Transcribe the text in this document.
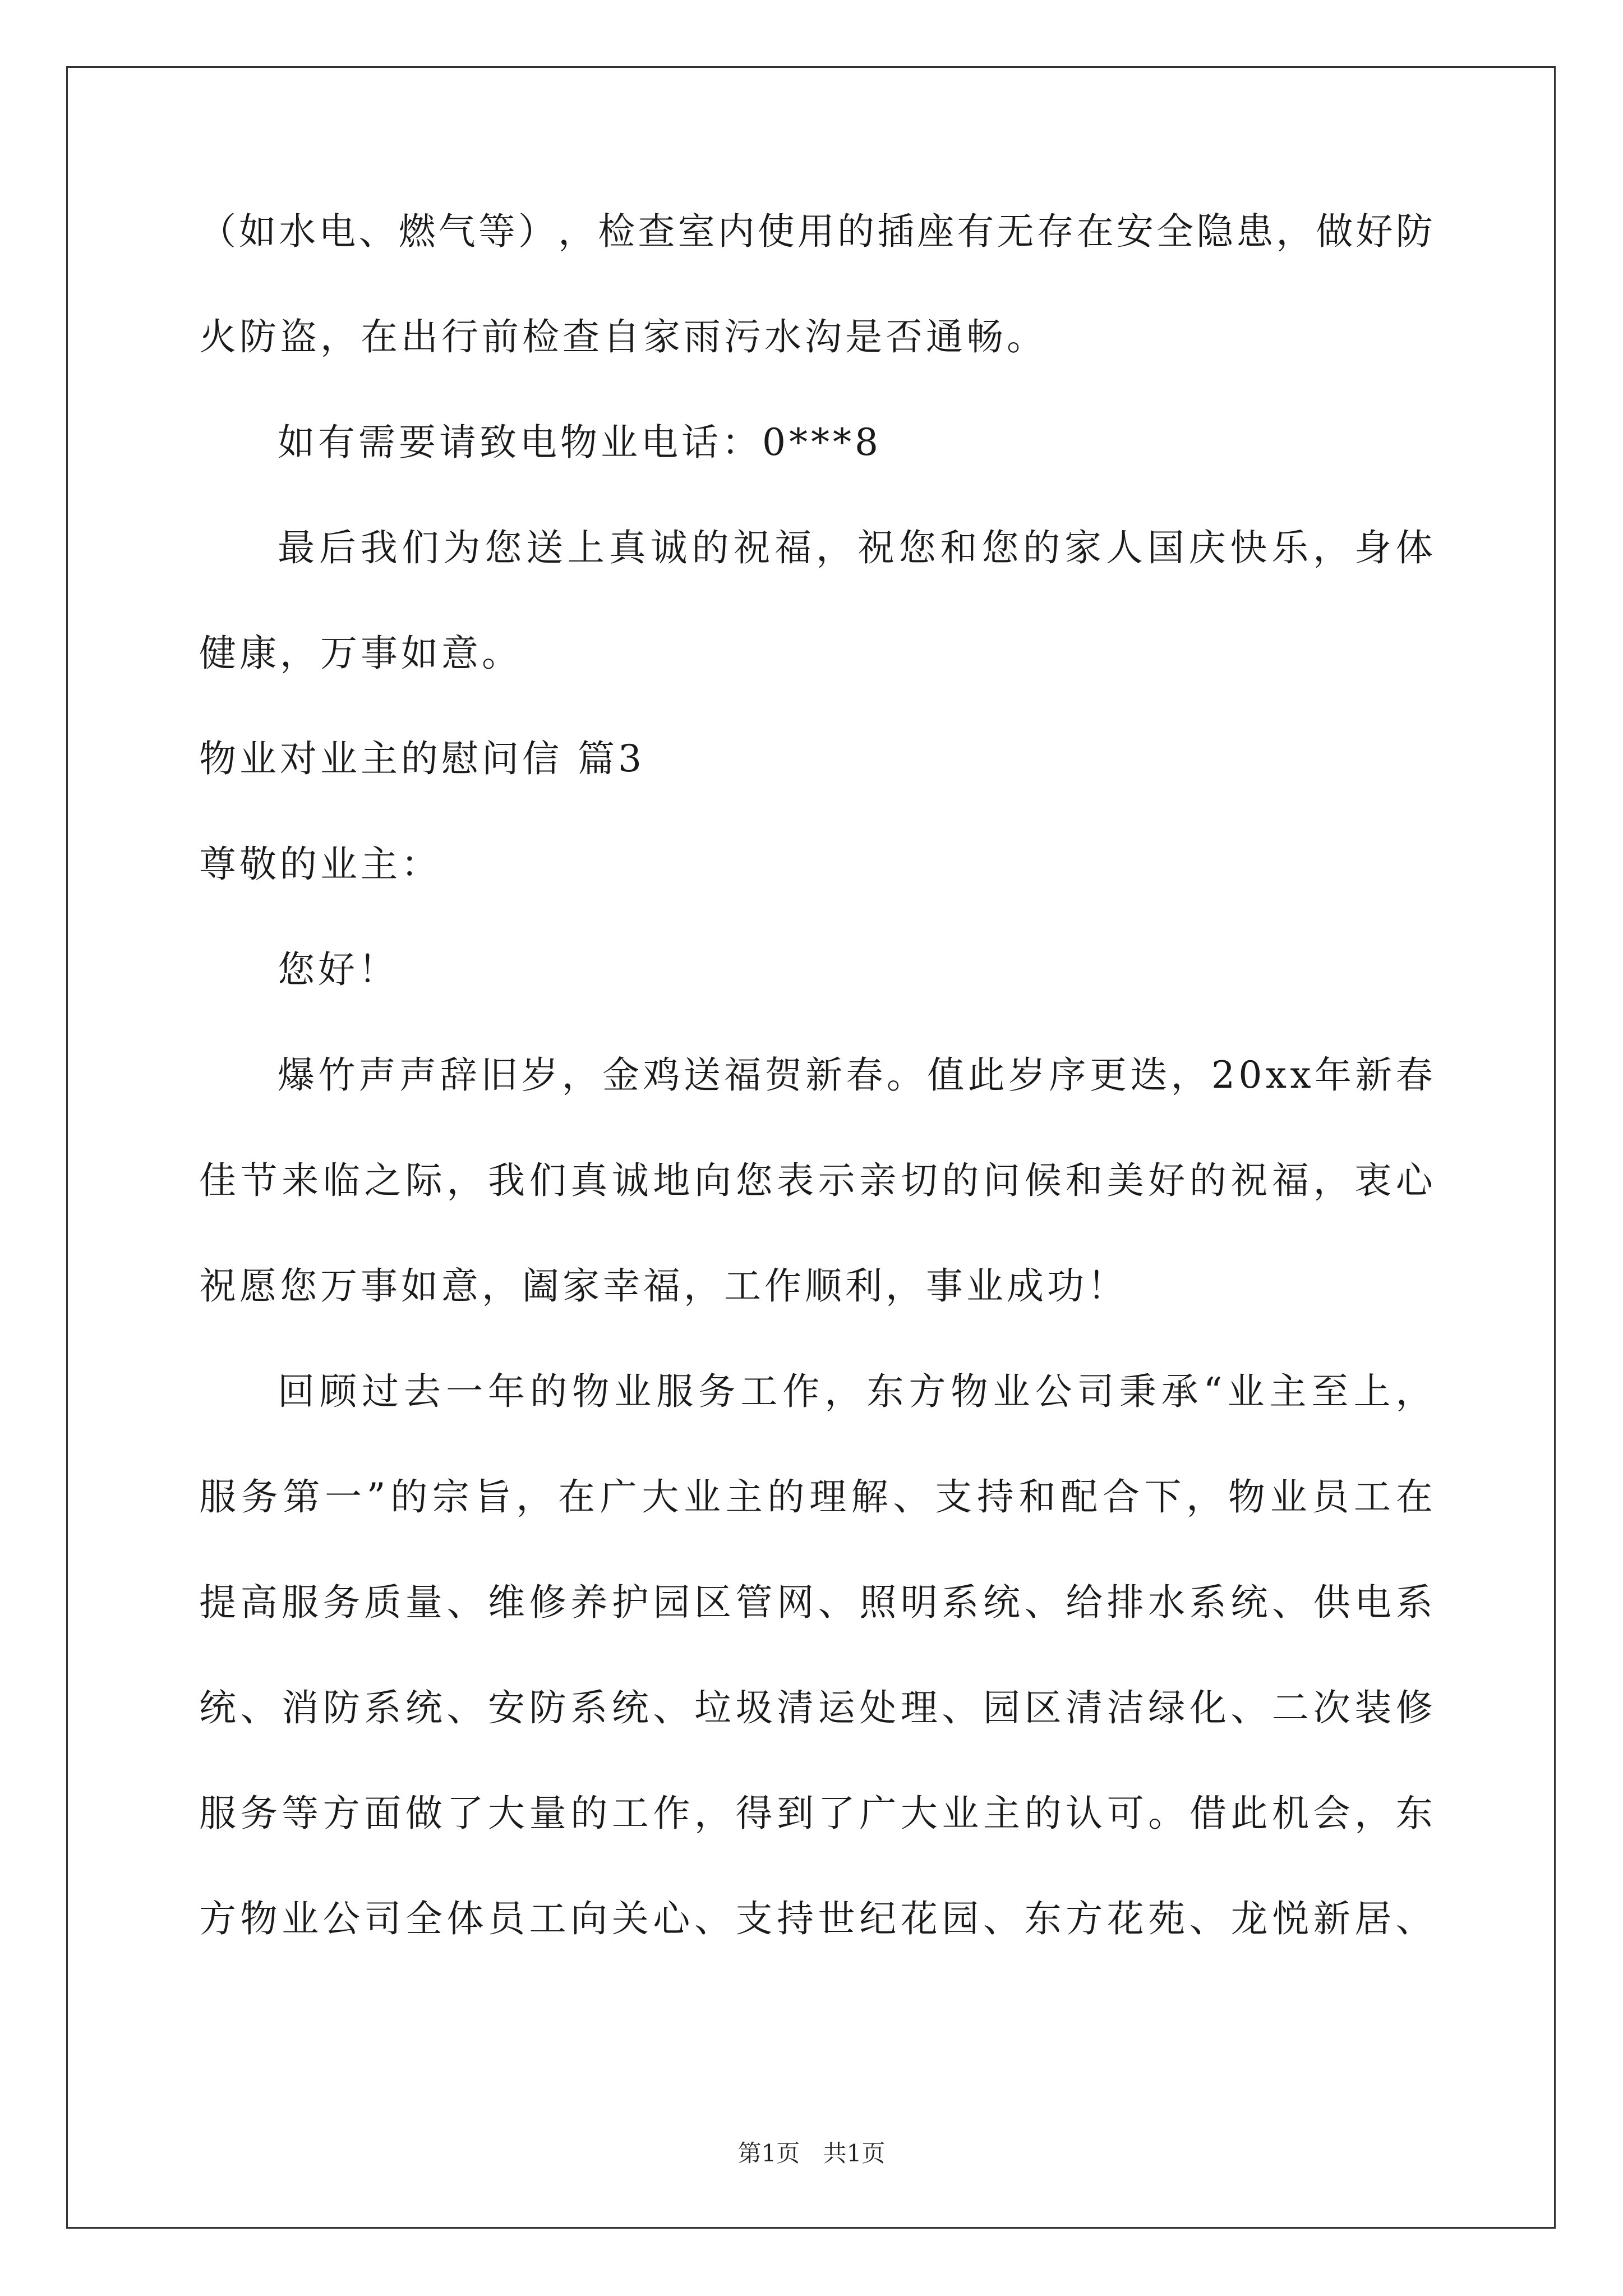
（ 如 水 电 、 燃 气 等 ） ， 检 查 室 内 使 用 的 插 座 有 无 存 在 安 全 隐 患 ， 做 好 防
火防盗，在出行前检查自家雨污水沟是否通畅。
如有需要请致电物业电话：0***8
最 后 我 们 为 您 送 上 真 诚 的 祝 福 ， 祝 您 和 您 的 家 人 国 庆 快 乐 ， 身 体
健康，万事如意。
物业对业主的慰问信 篇3
尊敬的业主：
您好！
爆 竹 声 声 辞 旧 岁 ， 金 鸡 送 福 贺 新 春 。 值 此 岁 序 更 迭 ， 2 0 x x 年 新 春
佳 节 来 临 之 际 ， 我 们 真 诚 地 向 您 表 示 亲 切 的 问 候 和 美 好 的 祝 福 ， 衷 心
祝愿您万事如意，阖家幸福，工作顺利，事业成功！
回 顾 过 去 一 年 的 物 业 服 务 工 作 ， 东 方 物 业 公 司 秉 承 “ 业 主 至 上 ，
服 务 第 一 ” 的 宗 旨 ， 在 广 大 业 主 的 理 解 、 支 持 和 配 合 下 ， 物 业 员 工 在
提 高 服 务 质 量 、 维 修 养 护 园 区 管 网 、 照 明 系 统 、 给 排 水 系 统 、 供 电 系
统 、 消 防 系 统 、 安 防 系 统 、 垃 圾 清 运 处 理 、 园 区 清 洁 绿 化 、 二 次 装 修
服 务 等 方 面 做 了 大 量 的 工 作 ， 得 到 了 广 大 业 主 的 认 可 。 借 此 机 会 ， 东
方 物 业 公 司 全 体 员 工 向 关 心 、 支 持 世 纪 花 园 、 东 方 花 苑 、 龙 悦 新 居 、
第1页 共1页
